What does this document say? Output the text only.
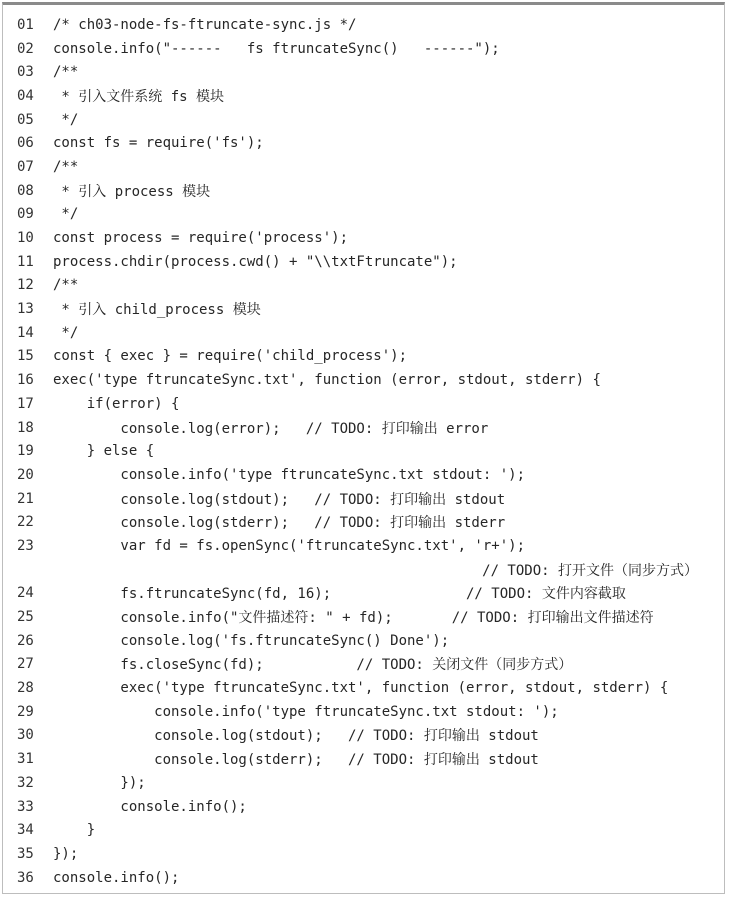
01	/* ch03-node-fs-ftruncate-sync.js */
02	console.info("------   fs ftruncateSync()   ------");
03	/**
04	* 引入文件系统 fs 模块
05	*/
06	const fs = require('fs');
07	/**
08	* 引入 process 模块
09	*/
10	const process = require('process');
11	process.chdir(process.cwd() + "\\txtFtruncate");
12	/**
13	* 引入 child_process 模块
14	*/
15	const { exec } = require('child_process');
16	exec('type ftruncateSync.txt', function (error, stdout, stderr) {
17	if(error) {
18	console.log(error);   // TODO: 打印输出 error
19	} else {
20	console.info('type ftruncateSync.txt stdout: ');
21	console.log(stdout);   // TODO: 打印输出 stdout
22	console.log(stderr);   // TODO: 打印输出 stderr
23	var fd = fs.openSync('ftruncateSync.txt', 'r+');
// TODO: 打开文件（同步方式）
24	fs.ftruncateSync(fd, 16);                // TODO: 文件内容截取
25	console.info("文件描述符: " + fd);       // TODO: 打印输出文件描述符
26	console.log('fs.ftruncateSync() Done');
27	fs.closeSync(fd);           // TODO: 关闭文件（同步方式）
28	exec('type ftruncateSync.txt', function (error, stdout, stderr) {
29	console.info('type ftruncateSync.txt stdout: ');
30	console.log(stdout);   // TODO: 打印输出 stdout
31	console.log(stderr);   // TODO: 打印输出 stdout
32	});
33	console.info();
34	}
35	});
36	console.info();
